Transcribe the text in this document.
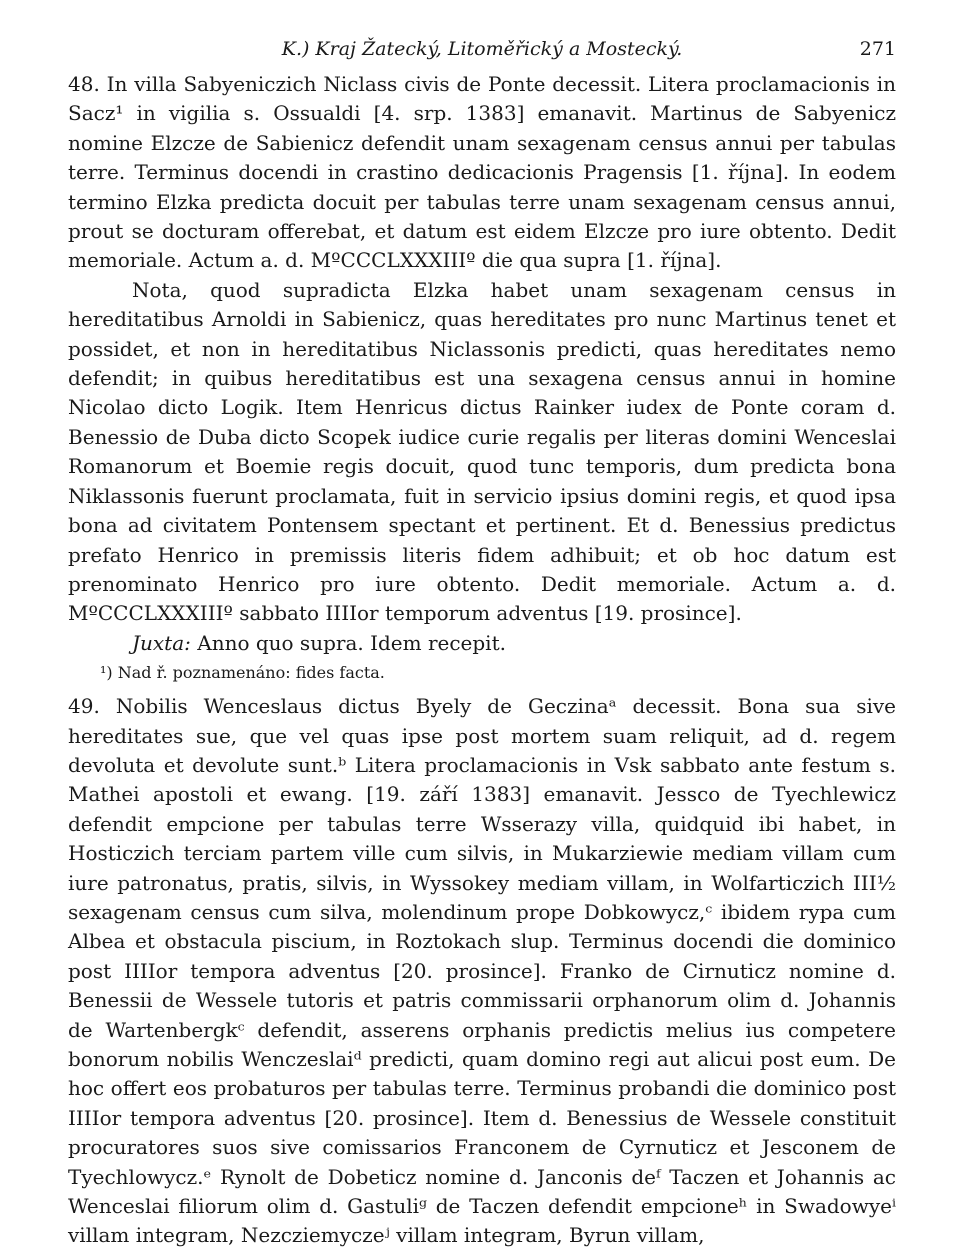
K.) Kraj Žatecký, Litoměřický a Mostecký.	271

48. In villa Sabyeniczich Niclass civis de Ponte decessit. Litera proclamacionis in Sacz¹ in vigilia s. Ossualdi [4. srp. 1383] emanavit. Martinus de Sabyenicz nomine Elzcze de Sabienicz defendit unam sexagenam census annui per tabulas terre. Terminus docendi in crastino dedicacionis Pragensis [1. října]. In eodem termino Elzka predicta docuit per tabulas terre unam sexagenam census annui, prout se docturam offerebat, et datum est eidem Elzcze pro iure obtento. Dedit memoriale. Actum a. d. MºCCCLXXXIIIº die qua supra [1. října].

Nota, quod supradicta Elzka habet unam sexagenam census in hereditatibus Arnoldi in Sabienicz, quas hereditates pro nunc Martinus tenet et possidet, et non in hereditatibus Niclassonis predicti, quas hereditates nemo defendit; in quibus hereditatibus est una sexagena census annui in homine Nicolao dicto Logik. Item Henricus dictus Rainker iudex de Ponte coram d. Benessio de Duba dicto Scopek iudice curie regalis per literas domini Wenceslai Romanorum et Boemie regis docuit, quod tunc temporis, dum predicta bona Niklassonis fuerunt proclamata, fuit in servicio ipsius domini regis, et quod ipsa bona ad civitatem Pontensem spectant et pertinent. Et d. Benessius predictus prefato Henrico in premissis literis fidem adhibuit; et ob hoc datum est prenominato Henrico pro iure obtento. Dedit memoriale. Actum a. d. MºCCCLXXXIIIº sabbato IIIIor temporum adventus [19. prosince].

Juxta: Anno quo supra. Idem recepit.

¹) Nad ř. poznamenáno: fides facta.

49. Nobilis Wenceslaus dictus Byely de Geczinaᵃ decessit. Bona sua sive hereditates sue, que vel quas ipse post mortem suam reliquit, ad d. regem devoluta et devolute sunt.ᵇ Litera proclamacionis in Vsk sabbato ante festum s. Mathei apostoli et ewang. [19. září 1383] emanavit. Jessco de Tyechlewicz defendit empcione per tabulas terre Wsserazy villa, quidquid ibi habet, in Hosticzich terciam partem ville cum silvis, in Mukarziewie mediam villam cum iure patronatus, pratis, silvis, in Wyssokey mediam villam, in Wolfarticzich III½ sexagenam census cum silva, molendinum prope Dobkowycz,ᶜ ibidem rypa cum Albea et obstacula piscium, in Roztokach slup. Terminus docendi die dominico post IIIIor tempora adventus [20. prosince]. Franko de Cirnuticz nomine d. Benessii de Wessele tutoris et patris commissarii orphanorum olim d. Johannis de Wartenbergkᶜ defendit, asserens orphanis predictis melius ius competere bonorum nobilis Wenczeslaiᵈ predicti, quam domino regi aut alicui post eum. De hoc offert eos probaturos per tabulas terre. Terminus probandi die dominico post IIIIor tempora adventus [20. prosince]. Item d. Benessius de Wessele constituit procuratores suos sive comissarios Franconem de Cyrnuticz et Jesconem de Tyechlowycz.ᵉ Rynolt de Dobeticz nomine d. Janconis deᶠ Taczen et Johannis ac Wenceslai filiorum olim d. Gastuliᵍ de Taczen defendit empcioneʰ in Swadowyeⁱ villam integram, Nezcziemyczeʲ villam integram, Byrun villam,
